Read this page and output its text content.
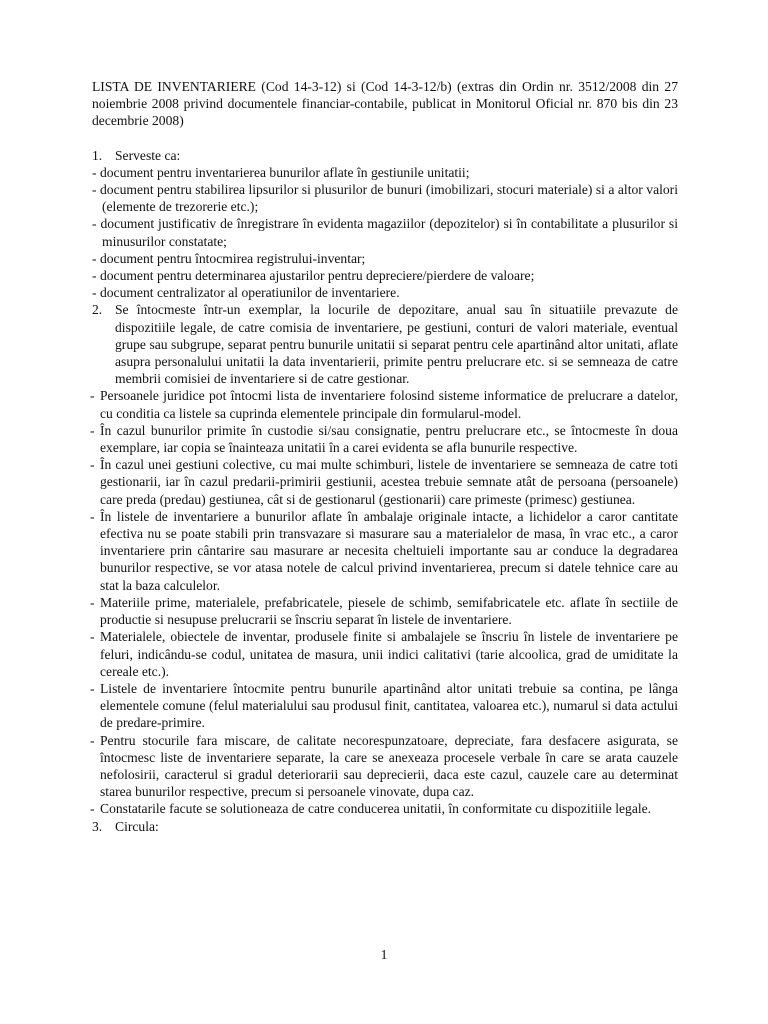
LISTA DE INVENTARIERE (Cod 14-3-12) si (Cod 14-3-12/b) (extras din Ordin nr. 3512/2008 din 27 noiembrie 2008 privind documentele financiar-contabile, publicat in Monitorul Oficial nr. 870 bis din 23 decembrie 2008)

1. Serveste ca:

- document pentru inventarierea bunurilor aflate în gestiunile unitatii;

- document pentru stabilirea lipsurilor si plusurilor de bunuri (imobilizari, stocuri materiale) si a altor valori (elemente de trezorerie etc.);

- document justificativ de înregistrare în evidenta magaziilor (depozitelor) si în contabilitate a plusurilor si minusurilor constatate;

- document pentru întocmirea registrului-inventar;

- document pentru determinarea ajustarilor pentru depreciere/pierdere de valoare;

- document centralizator al operatiunilor de inventariere.

2. Se întocmeste într-un exemplar, la locurile de depozitare, anual sau în situatiile prevazute de dispozitiile legale, de catre comisia de inventariere, pe gestiuni, conturi de valori materiale, eventual grupe sau subgrupe, separat pentru bunurile unitatii si separat pentru cele apartinând altor unitati, aflate asupra personalului unitatii la data inventarierii, primite pentru prelucrare etc. si se semneaza de catre membrii comisiei de inventariere si de catre gestionar.

- Persoanele juridice pot întocmi lista de inventariere folosind sisteme informatice de prelucrare a datelor, cu conditia ca listele sa cuprinda elementele principale din formularul-model.

- În cazul bunurilor primite în custodie si/sau consignatie, pentru prelucrare etc., se întocmeste în doua exemplare, iar copia se înainteaza unitatii în a carei evidenta se afla bunurile respective.

- În cazul unei gestiuni colective, cu mai multe schimburi, listele de inventariere se semneaza de catre toti gestionarii, iar în cazul predarii-primirii gestiunii, acestea trebuie semnate atât de persoana (persoanele) care preda (predau) gestiunea, cât si de gestionarul (gestionarii) care primeste (primesc) gestiunea.

- În listele de inventariere a bunurilor aflate în ambalaje originale intacte, a lichidelor a caror cantitate efectiva nu se poate stabili prin transvazare si masurare sau a materialelor de masa, în vrac etc., a caror inventariere prin cântarire sau masurare ar necesita cheltuieli importante sau ar conduce la degradarea bunurilor respective, se vor atasa notele de calcul privind inventarierea, precum si datele tehnice care au stat la baza calculelor.

- Materiile prime, materialele, prefabricatele, piesele de schimb, semifabricatele etc. aflate în sectiile de productie si nesupuse prelucrarii se înscriu separat în listele de inventariere.

- Materialele, obiectele de inventar, produsele finite si ambalajele se înscriu în listele de inventariere pe feluri, indicându-se codul, unitatea de masura, unii indici calitativi (tarie alcoolica, grad de umiditate la cereale etc.).

- Listele de inventariere întocmite pentru bunurile apartinând altor unitati trebuie sa contina, pe lânga elementele comune (felul materialului sau produsul finit, cantitatea, valoarea etc.), numarul si data actului de predare-primire.

- Pentru stocurile fara miscare, de calitate necorespunzatoare, depreciate, fara desfacere asigurata, se întocmesc liste de inventariere separate, la care se anexeaza procesele verbale în care se arata cauzele nefolosirii, caracterul si gradul deteriorarii sau deprecierii, daca este cazul, cauzele care au determinat starea bunurilor respective, precum si persoanele vinovate, dupa caz.

- Constatarile facute se solutioneaza de catre conducerea unitatii, în conformitate cu dispozitiile legale.

3. Circula:
1
